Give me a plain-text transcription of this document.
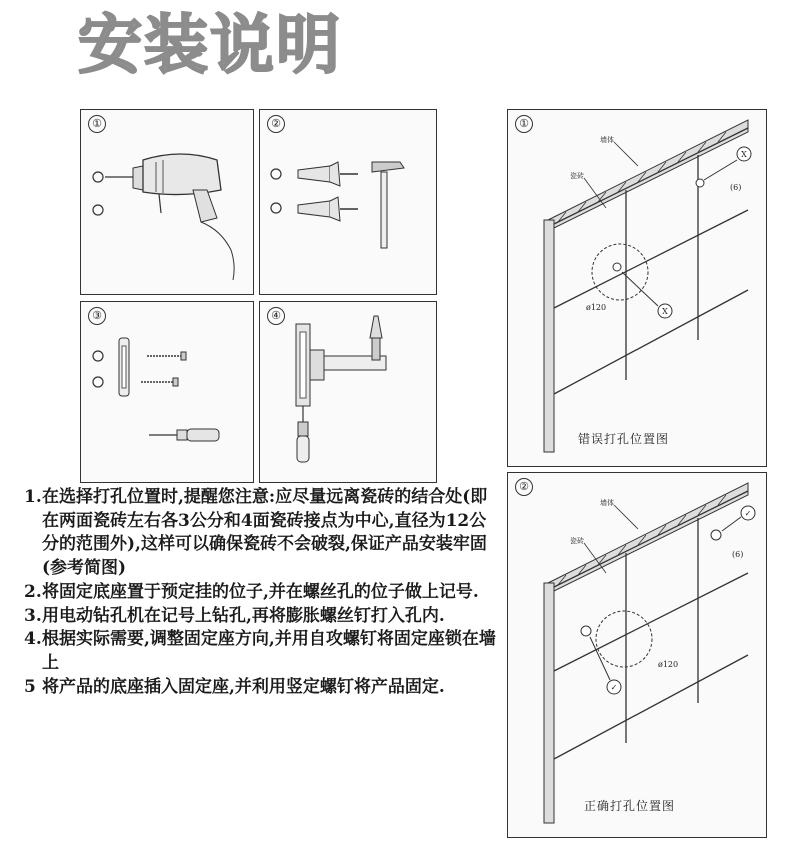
安装说明
①	②
③	④
①
X
X
墙体
瓷砖
(6)
ø120
错误打孔位置图
②
✓
✓
墙体
瓷砖
(6)
ø120
正确打孔位置图
1. 在选择打孔位置时,提醒您注意:应尽量远离瓷砖的结合处(即在两面瓷砖左右各3公分和4面瓷砖接点为中心,直径为12公分的范围外),这样可以确保瓷砖不会破裂,保证产品安装牢固(参考简图)
2. 将固定底座置于预定挂的位子,并在螺丝孔的位子做上记号.
3. 用电动钻孔机在记号上钻孔,再将膨胀螺丝钉打入孔内.
4. 根据实际需要,调整固定座方向,并用自攻螺钉将固定座锁在墙上
5 将产品的底座插入固定座,并利用竖定螺钉将产品固定.
